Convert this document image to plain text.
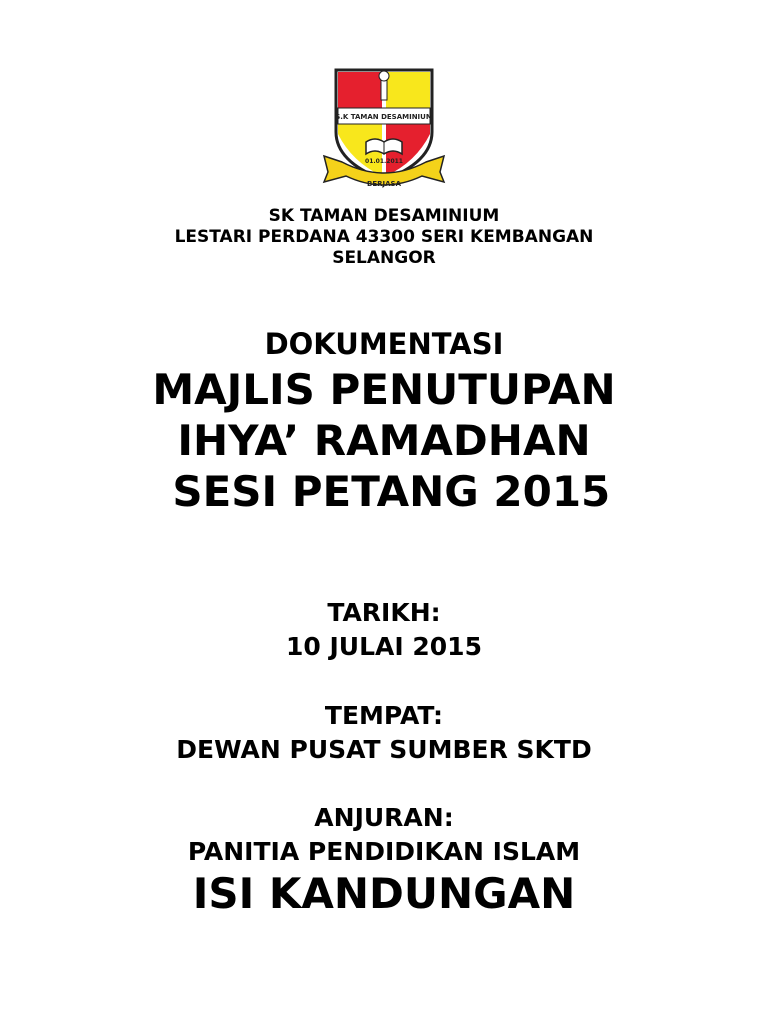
S.K TAMAN DESAMINIUM
01.01.2011
BERJASA
SK TAMAN DESAMINIUM
LESTARI PERDANA 43300 SERI KEMBANGAN
SELANGOR
DOKUMENTASI
MAJLIS PENUTUPAN
IHYA’ RAMADHAN
SESI PETANG 2015
TARIKH:
10 JULAI 2015
TEMPAT:
DEWAN PUSAT SUMBER SKTD
ANJURAN:
PANITIA PENDIDIKAN ISLAM
ISI KANDUNGAN
